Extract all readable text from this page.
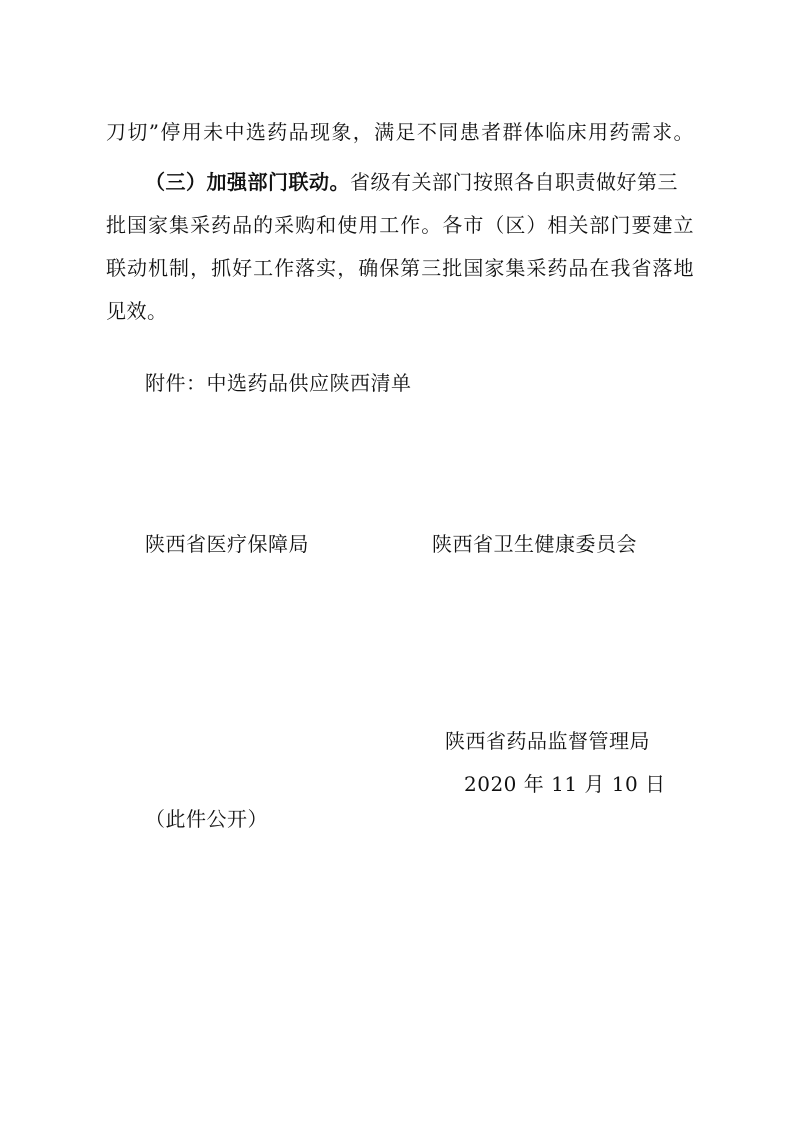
刀切”停用未中选药品现象，满足不同患者群体临床用药需求。
（三）加强部门联动。省级有关部门按照各自职责做好第三
批国家集采药品的采购和使用工作。各市（区）相关部门要建立
联动机制，抓好工作落实，确保第三批国家集采药品在我省落地
见效。
附件：中选药品供应陕西清单
陕西省医疗保障局	陕西省卫生健康委员会
陕西省药品监督管理局
2020 年 11 月 10 日
（此件公开）
